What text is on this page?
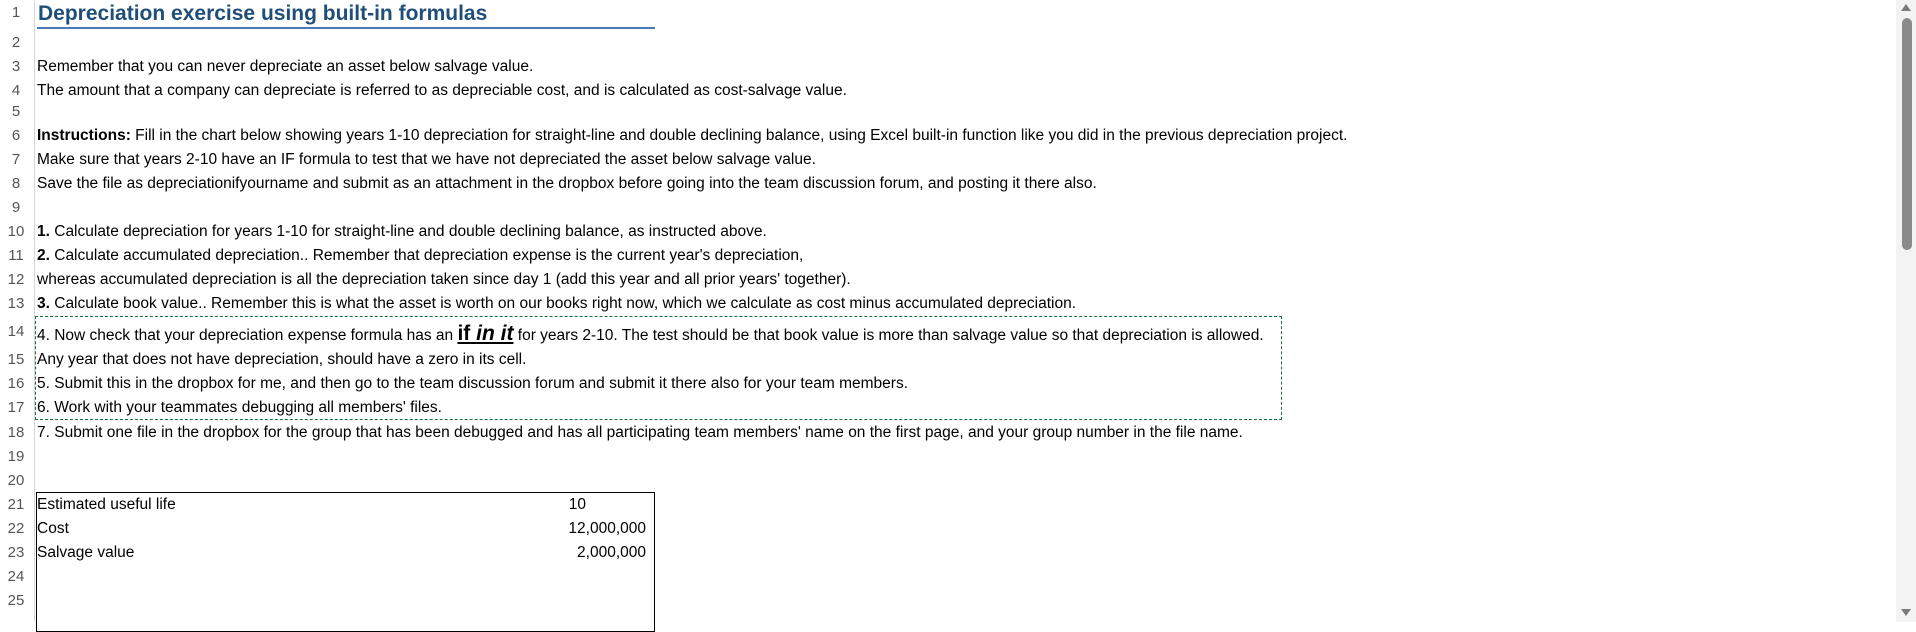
1
2
3
4
5
6
7
8
9
10
11
12
13
14
15
16
17
18
19
20
21
22
23
24
25
Depreciation exercise using built-in formulas
Remember that you can never depreciate an asset below salvage value.
The amount that a company can depreciate is referred to as depreciable cost, and is calculated as cost-salvage value.
Instructions: Fill in the chart below showing years 1-10 depreciation for straight-line and double declining balance, using Excel built-in function like you did in the previous depreciation project.
Make sure that years 2-10 have an IF formula to test that we have not depreciated the asset below salvage value.
Save the file as depreciationifyourname and submit as an attachment in the dropbox before going into the team discussion forum, and posting it there also.
1. Calculate depreciation for years 1-10 for straight-line and double declining balance, as instructed above.
2. Calculate accumulated depreciation.. Remember that depreciation expense is the current year's depreciation,
whereas accumulated depreciation is all the depreciation taken since day 1 (add this year and all prior years' together).
3. Calculate book value.. Remember this is what the asset is worth on our books right now, which we calculate as cost minus accumulated depreciation.
4. Now check that your depreciation expense formula has an if in it for years 2-10. The test should be that book value is more than salvage value so that depreciation is allowed.
Any year that does not have depreciation, should have a zero in its cell.
5. Submit this in the dropbox for me, and then go to the team discussion forum and submit it there also for your team members.
6. Work with your teammates debugging all members' files.
7. Submit one file in the dropbox for the group that has been debugged and has all participating team members' name on the first page, and your group number in the file name.
Estimated useful life	10
Cost	12,000,000
Salvage value	2,000,000
